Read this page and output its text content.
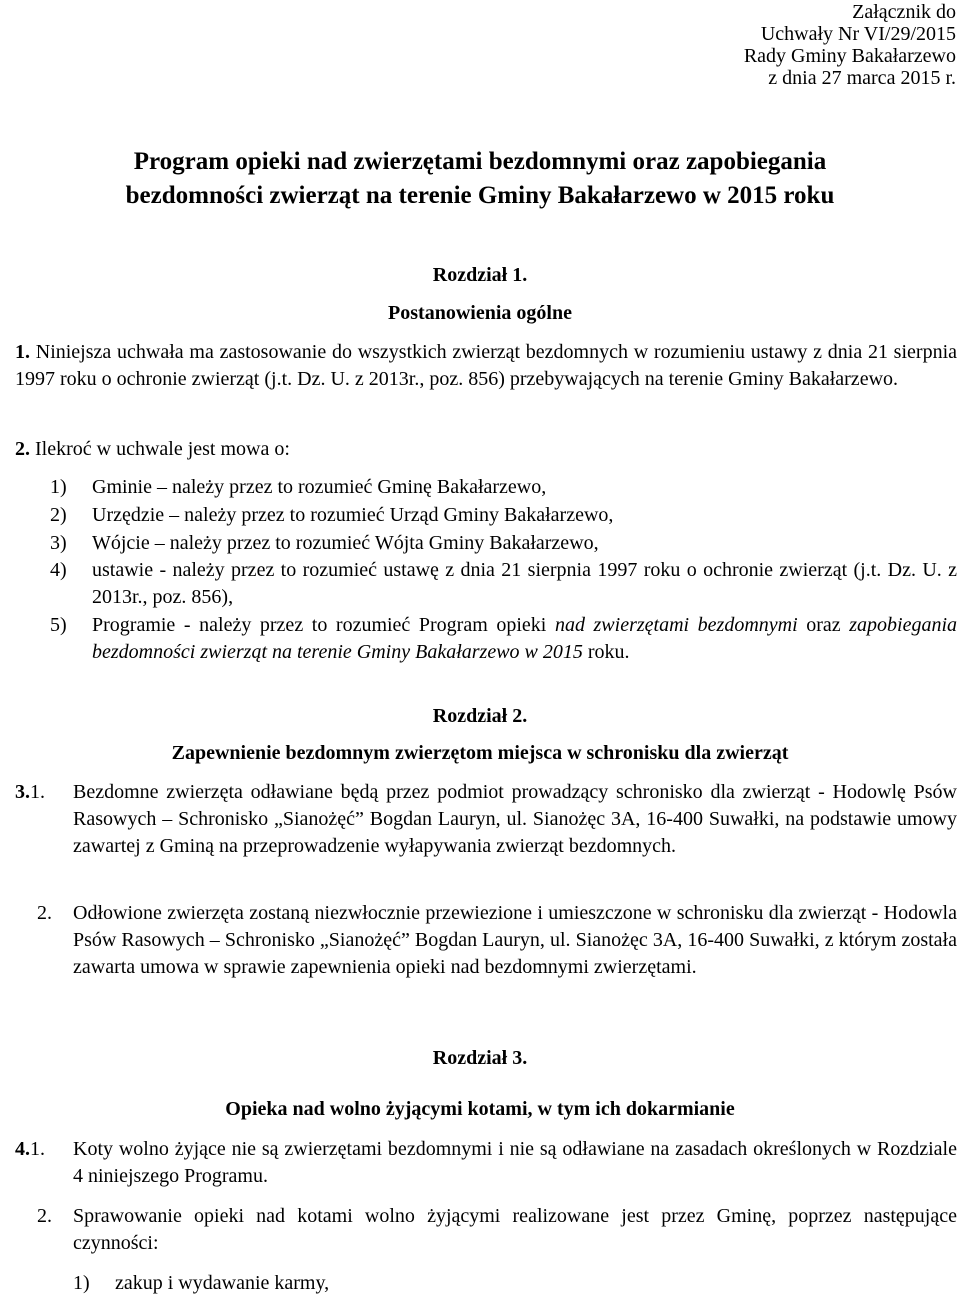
Załącznik do
Uchwały Nr VI/29/2015
Rady Gminy Bakałarzewo
z dnia 27 marca 2015 r.
Program opieki nad zwierzętami bezdomnymi oraz zapobiegania
bezdomności zwierząt na terenie Gminy Bakałarzewo w 2015 roku
Rozdział 1.
Postanowienia ogólne
1. Niniejsza uchwała ma zastosowanie do wszystkich zwierząt bezdomnych w rozumieniu ustawy z dnia 21 sierpnia 1997 roku o ochronie zwierząt (j.t. Dz. U. z 2013r., poz. 856) przebywających na terenie Gminy Bakałarzewo.
2. Ilekroć w uchwale jest mowa o:
1)	Gminie – należy przez to rozumieć Gminę Bakałarzewo,
2)	Urzędzie – należy przez to rozumieć Urząd Gminy Bakałarzewo,
3)	Wójcie – należy przez to rozumieć Wójta Gminy Bakałarzewo,
4)	ustawie - należy przez to rozumieć ustawę z dnia 21 sierpnia 1997 roku o ochronie zwierząt (j.t. Dz. U. z 2013r., poz. 856),
5)	Programie - należy przez to rozumieć Program opieki nad zwierzętami bezdomnymi oraz zapobiegania bezdomności zwierząt na terenie Gminy Bakałarzewo w 2015 roku.
Rozdział 2.
Zapewnienie bezdomnym zwierzętom miejsca w schronisku dla zwierząt
3.1. Bezdomne zwierzęta odławiane będą przez podmiot prowadzący schronisko dla zwierząt - Hodowlę Psów Rasowych – Schronisko „Sianożęć” Bogdan Lauryn, ul. Sianożęc 3A, 16-400 Suwałki, na podstawie umowy zawartej z Gminą na przeprowadzenie wyłapywania zwierząt bezdomnych.
2. Odłowione zwierzęta zostaną niezwłocznie przewiezione i umieszczone w schronisku dla zwierząt - Hodowla Psów Rasowych – Schronisko „Sianożęć” Bogdan Lauryn, ul. Sianożęc 3A, 16-400 Suwałki, z którym została zawarta umowa w sprawie zapewnienia opieki nad bezdomnymi zwierzętami.
Rozdział 3.
Opieka nad wolno żyjącymi kotami, w tym ich dokarmianie
4.1. Koty wolno żyjące nie są zwierzętami bezdomnymi i nie są odławiane na zasadach określonych w Rozdziale 4 niniejszego Programu.
2. Sprawowanie opieki nad kotami wolno żyjącymi realizowane jest przez Gminę, poprzez następujące czynności:
1)	zakup i wydawanie karmy,
